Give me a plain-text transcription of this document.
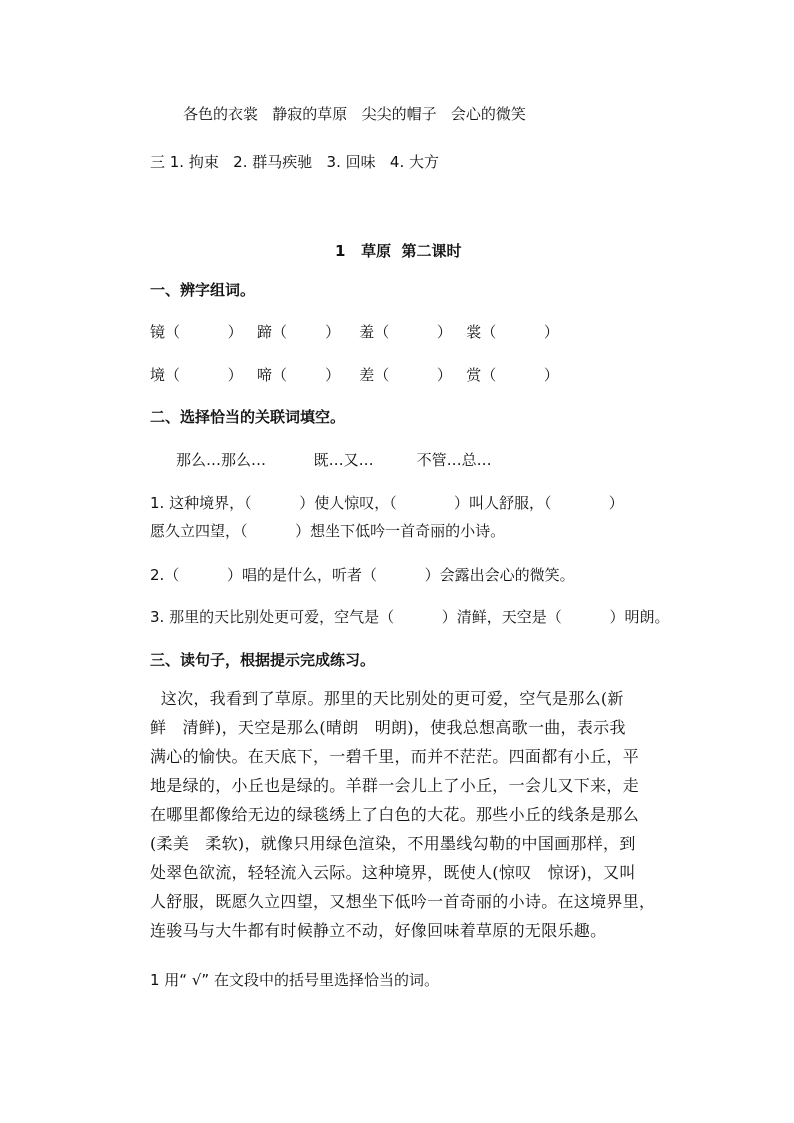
各色的衣裳   静寂的草原   尖尖的帽子   会心的微笑
三 1. 拘束   2. 群马疾驰   3. 回味   4. 大方
1   草原  第二课时
一、辨字组词。
镜（          ）   蹄（        ）    羞（          ）   裳（          ）
境（          ）   啼（        ）    差（          ）   赏（          ）
二、选择恰当的关联词填空。
那么…那么…          既…又…         不管…总…
1. 这种境界，（          ）使人惊叹，（            ）叫人舒服，（            ）
愿久立四望，（          ）想坐下低吟一首奇丽的小诗。
2.（          ）唱的是什么，听者（          ）会露出会心的微笑。
3. 那里的天比别处更可爱，空气是（          ）清鲜，天空是（          ）明朗。
三、读句子，根据提示完成练习。
这次，我看到了草原。那里的天比别处的更可爱，空气是那么(新
鲜   清鲜)，天空是那么(晴朗   明朗)，使我总想高歌一曲，表示我
满心的愉快。在天底下，一碧千里，而并不茫茫。四面都有小丘，平
地是绿的，小丘也是绿的。羊群一会儿上了小丘，一会儿又下来，走
在哪里都像给无边的绿毯绣上了白色的大花。那些小丘的线条是那么
(柔美   柔软)，就像只用绿色渲染，不用墨线勾勒的中国画那样，到
处翠色欲流，轻轻流入云际。这种境界，既使人(惊叹   惊讶)，又叫
人舒服，既愿久立四望，又想坐下低吟一首奇丽的小诗。在这境界里，
连骏马与大牛都有时候静立不动，好像回味着草原的无限乐趣。
1 用“ √” 在文段中的括号里选择恰当的词。
